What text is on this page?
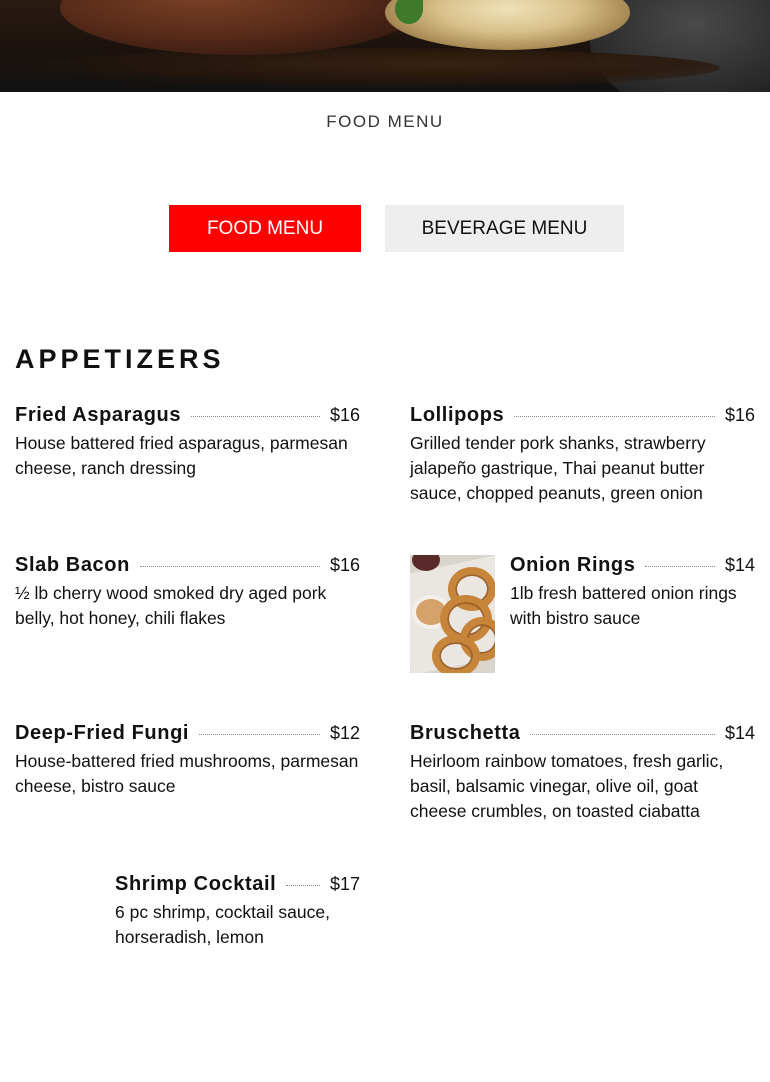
FOOD MENU
FOOD MENU	BEVERAGE MENU
APPETIZERS
Fried Asparagus	$16
House battered fried asparagus, parmesan cheese, ranch dressing
Lollipops	$16
Grilled tender pork shanks, strawberry jalapeño gastrique, Thai peanut butter sauce, chopped peanuts, green onion
Slab Bacon	$16
½ lb cherry wood smoked dry aged pork belly, hot honey, chili flakes
Onion Rings	$14
1lb fresh battered onion rings with bistro sauce
Deep-Fried Fungi	$12
House-battered fried mushrooms, parmesan cheese, bistro sauce
Bruschetta	$14
Heirloom rainbow tomatoes, fresh garlic, basil, balsamic vinegar, olive oil, goat cheese crumbles, on toasted ciabatta
Shrimp Cocktail	$17
6 pc shrimp, cocktail sauce, horseradish, lemon
